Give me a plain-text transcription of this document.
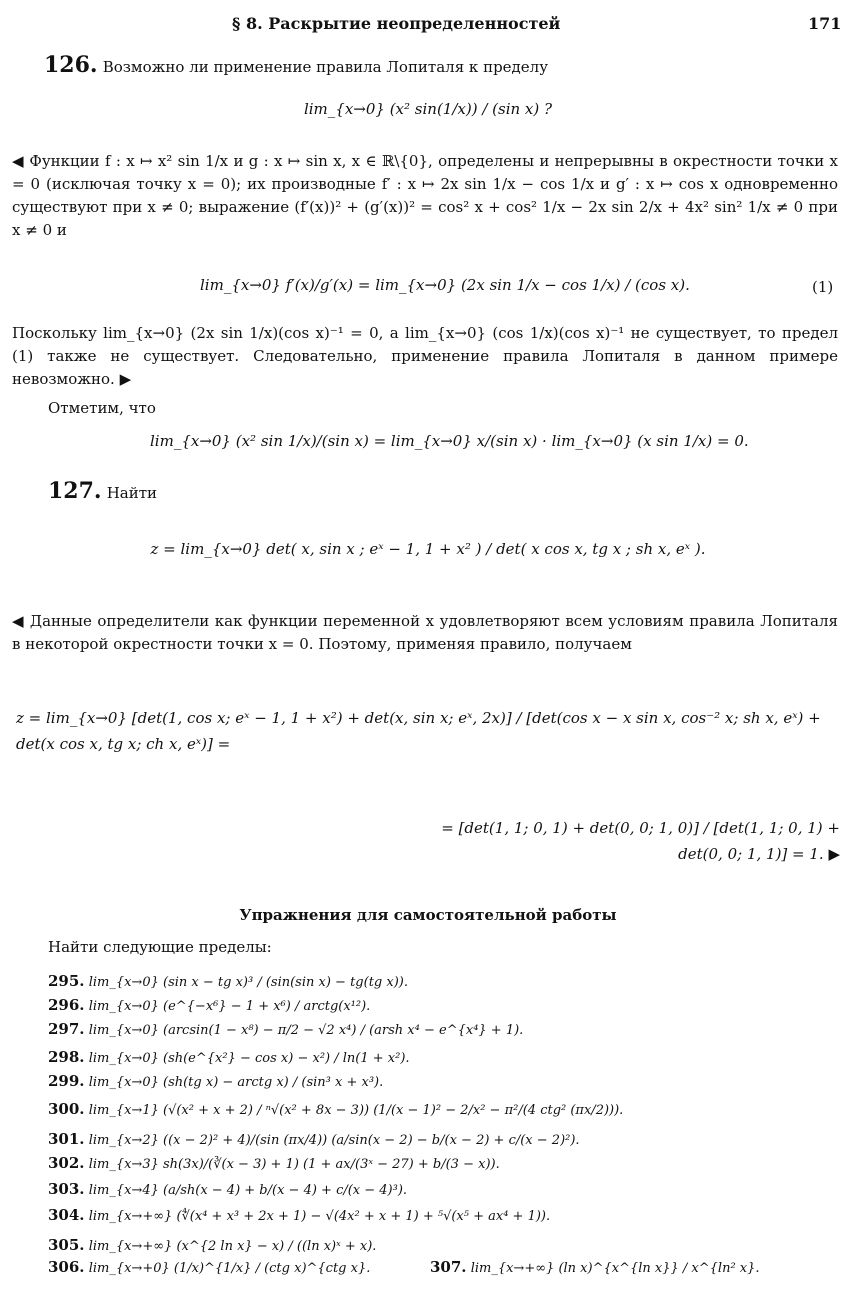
§ 8. Раскрытие неопределенностей	171
126. Возможно ли применение правила Лопиталя к пределу
lim_{x→0} (x² sin(1/x)) / (sin x) ?
◀ Функции f : x ↦ x² sin 1/x и g : x ↦ sin x, x ∈ ℝ\{0}, определены и непрерывны в окрестности точки x = 0 (исключая точку x = 0); их производные f′ : x ↦ 2x sin 1/x − cos 1/x и g′ : x ↦ cos x одновременно существуют при x ≠ 0; выражение (f′(x))² + (g′(x))² = cos² x + cos² 1/x − 2x sin 2/x + 4x² sin² 1/x ≠ 0 при x ≠ 0 и
lim_{x→0} f′(x)/g′(x) = lim_{x→0} (2x sin 1/x − cos 1/x) / (cos x).	(1)
Поскольку lim_{x→0} (2x sin 1/x)(cos x)⁻¹ = 0, а lim_{x→0} (cos 1/x)(cos x)⁻¹ не существует, то предел (1) также не существует. Следовательно, применение правила Лопиталя в данном примере невозможно. ▶
Отметим, что
lim_{x→0} (x² sin 1/x)/(sin x) = lim_{x→0} x/(sin x) · lim_{x→0} (x sin 1/x) = 0.
127. Найти
z = lim_{x→0} det( x, sin x ; eˣ − 1, 1 + x² ) / det( x cos x, tg x ; sh x, eˣ ).
◀ Данные определители как функции переменной x удовлетворяют всем условиям правила Лопиталя в некоторой окрестности точки x = 0. Поэтому, применяя правило, получаем
z = lim_{x→0} [det(1, cos x; eˣ − 1, 1 + x²) + det(x, sin x; eˣ, 2x)] / [det(cos x − x sin x, cos⁻² x; sh x, eˣ) + det(x cos x, tg x; ch x, eˣ)] =
= [det(1, 1; 0, 1) + det(0, 0; 1, 0)] / [det(1, 1; 0, 1) + det(0, 0; 1, 1)] = 1. ▶
Упражнения для самостоятельной работы
Найти следующие пределы:
295. lim_{x→0} (sin x − tg x)³ / (sin(sin x) − tg(tg x)).
296. lim_{x→0} (e^{−x⁶} − 1 + x⁶) / arctg(x¹²).
297. lim_{x→0} (arcsin(1 − x⁸) − π/2 − √2 x⁴) / (arsh x⁴ − e^{x⁴} + 1).
298. lim_{x→0} (sh(e^{x²} − cos x) − x²) / ln(1 + x²).
299. lim_{x→0} (sh(tg x) − arctg x) / (sin³ x + x³).
300. lim_{x→1} (√(x² + x + 2) / ⁿ√(x² + 8x − 3)) (1/(x − 1)² − 2/x² − π²/(4 ctg² (πx/2))).
301. lim_{x→2} ((x − 2)² + 4)/(sin (πx/4)) (a/sin(x − 2) − b/(x − 2) + c/(x − 2)²).
302. lim_{x→3} sh(3x)/(∛(x − 3) + 1) (1 + ax/(3ˣ − 27) + b/(3 − x)).
303. lim_{x→4} (a/sh(x − 4) + b/(x − 4) + c/(x − 4)³).
304. lim_{x→+∞} (∜(x⁴ + x³ + 2x + 1) − √(4x² + x + 1) + ⁵√(x⁵ + ax⁴ + 1)).
305. lim_{x→+∞} (x^{2 ln x} − x) / ((ln x)ˣ + x).
306. lim_{x→+0} (1/x)^{1/x} / (ctg x)^{ctg x}.	307. lim_{x→+∞} (ln x)^{x^{ln x}} / x^{ln² x}.
